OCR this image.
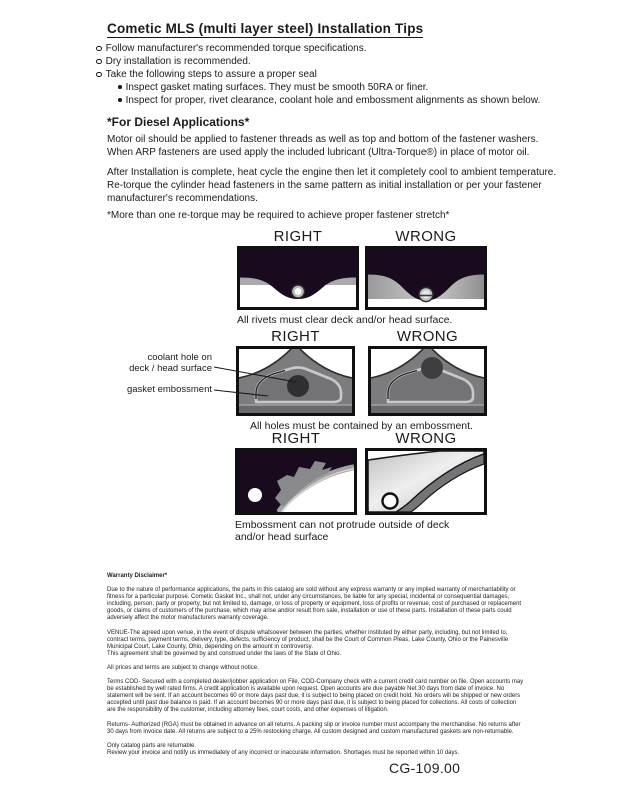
Cometic MLS (multi layer steel) Installation Tips
Follow manufacturer's recommended torque specifications.
Dry installation is recommended.
Take the following steps to assure a proper seal
Inspect gasket mating surfaces. They must be smooth 50RA or finer.
Inspect for proper, rivet clearance, coolant hole and embossment alignments as shown below.
*For Diesel Applications*
Motor oil should be applied to fastener threads as well as top and bottom of the fastener washers. When ARP fasteners are used apply the included lubricant (Ultra-Torque®) in place of motor oil.
After Installation is complete, heat cycle the engine then let it completely cool to ambient temperature. Re-torque the cylinder head fasteners in the same pattern as initial installation or per your fastener manufacturer's recommendations.
*More than one re-torque may be required to achieve proper fastener stretch*
RIGHT	WRONG
All rivets must clear deck and/or head surface.
RIGHT	WRONG
All holes must be contained by an embossment.
coolant hole on deck / head surface
gasket embossment
RIGHT	WRONG
Embossment can not protrude outside of deck and/or head surface

Warranty Disclaimer*

Due to the nature of performance applications, the parts in this catalog are sold without any express warranty or any implied warranty of merchantability or fitness for a particular purpose. Cometic Gasket Inc., shall not, under any circumstances, be liable for any special, incidental or consequential damages, including, person, party or property, but not limited to, damage, or loss of property or equipment, loss of profits or revenue, cost of purchased or replacement goods, or claims of customers of the purchase, which may arise and/or result from sale, installation or use of these parts. Installation of these parts could adversely affect the motor manufacturers warranty coverage.

VENUE-The agreed upon venue, in the event of dispute whatsoever between the parties, whether instituted by either party, including, but not limited to, contract terms, payment terms, delivery, type, defects, sufficiency of product, shall be the Court of Common Pleas, Lake County, Ohio or the Painesville Municipal Court, Lake County, Ohio, depending on the amount in controversy.

This agreement shall be governed by and construed under the laws of the State of Ohio.

All prices and terms are subject to change without notice.

Terms COD- Secured with a completed dealer/jobber application on File, COD-Company check with a current credit card number on file. Open accounts may be established by well rated firms. A credit application is available upon request. Open accounts are due payable Net 30 days from date of invoice. No statement will be sent. If an account becomes 60 or more days past due, it is subject to being placed on credit hold. No orders will be shipped or new orders accepted until past due balance is paid. If an account becomes 90 or more days past due, it is subject to being placed for collections. All costs of collection are the responsibility of the customer, including attorney fees, court costs, and other expenses of litigation.

Returns- Authorized (RGA) must be obtained in advance on all returns. A packing slip or invoice number must accompany the merchandise. No returns after 30 days from invoice date. All returns are subject to a 25% restocking charge. All custom designed and custom manufactured gaskets are non-returnable.

Only catalog parts are returnable.

Review your invoice and notify us immediately of any incorrect or inaccurate information. Shortages must be reported within 10 days.

CG-109.00
